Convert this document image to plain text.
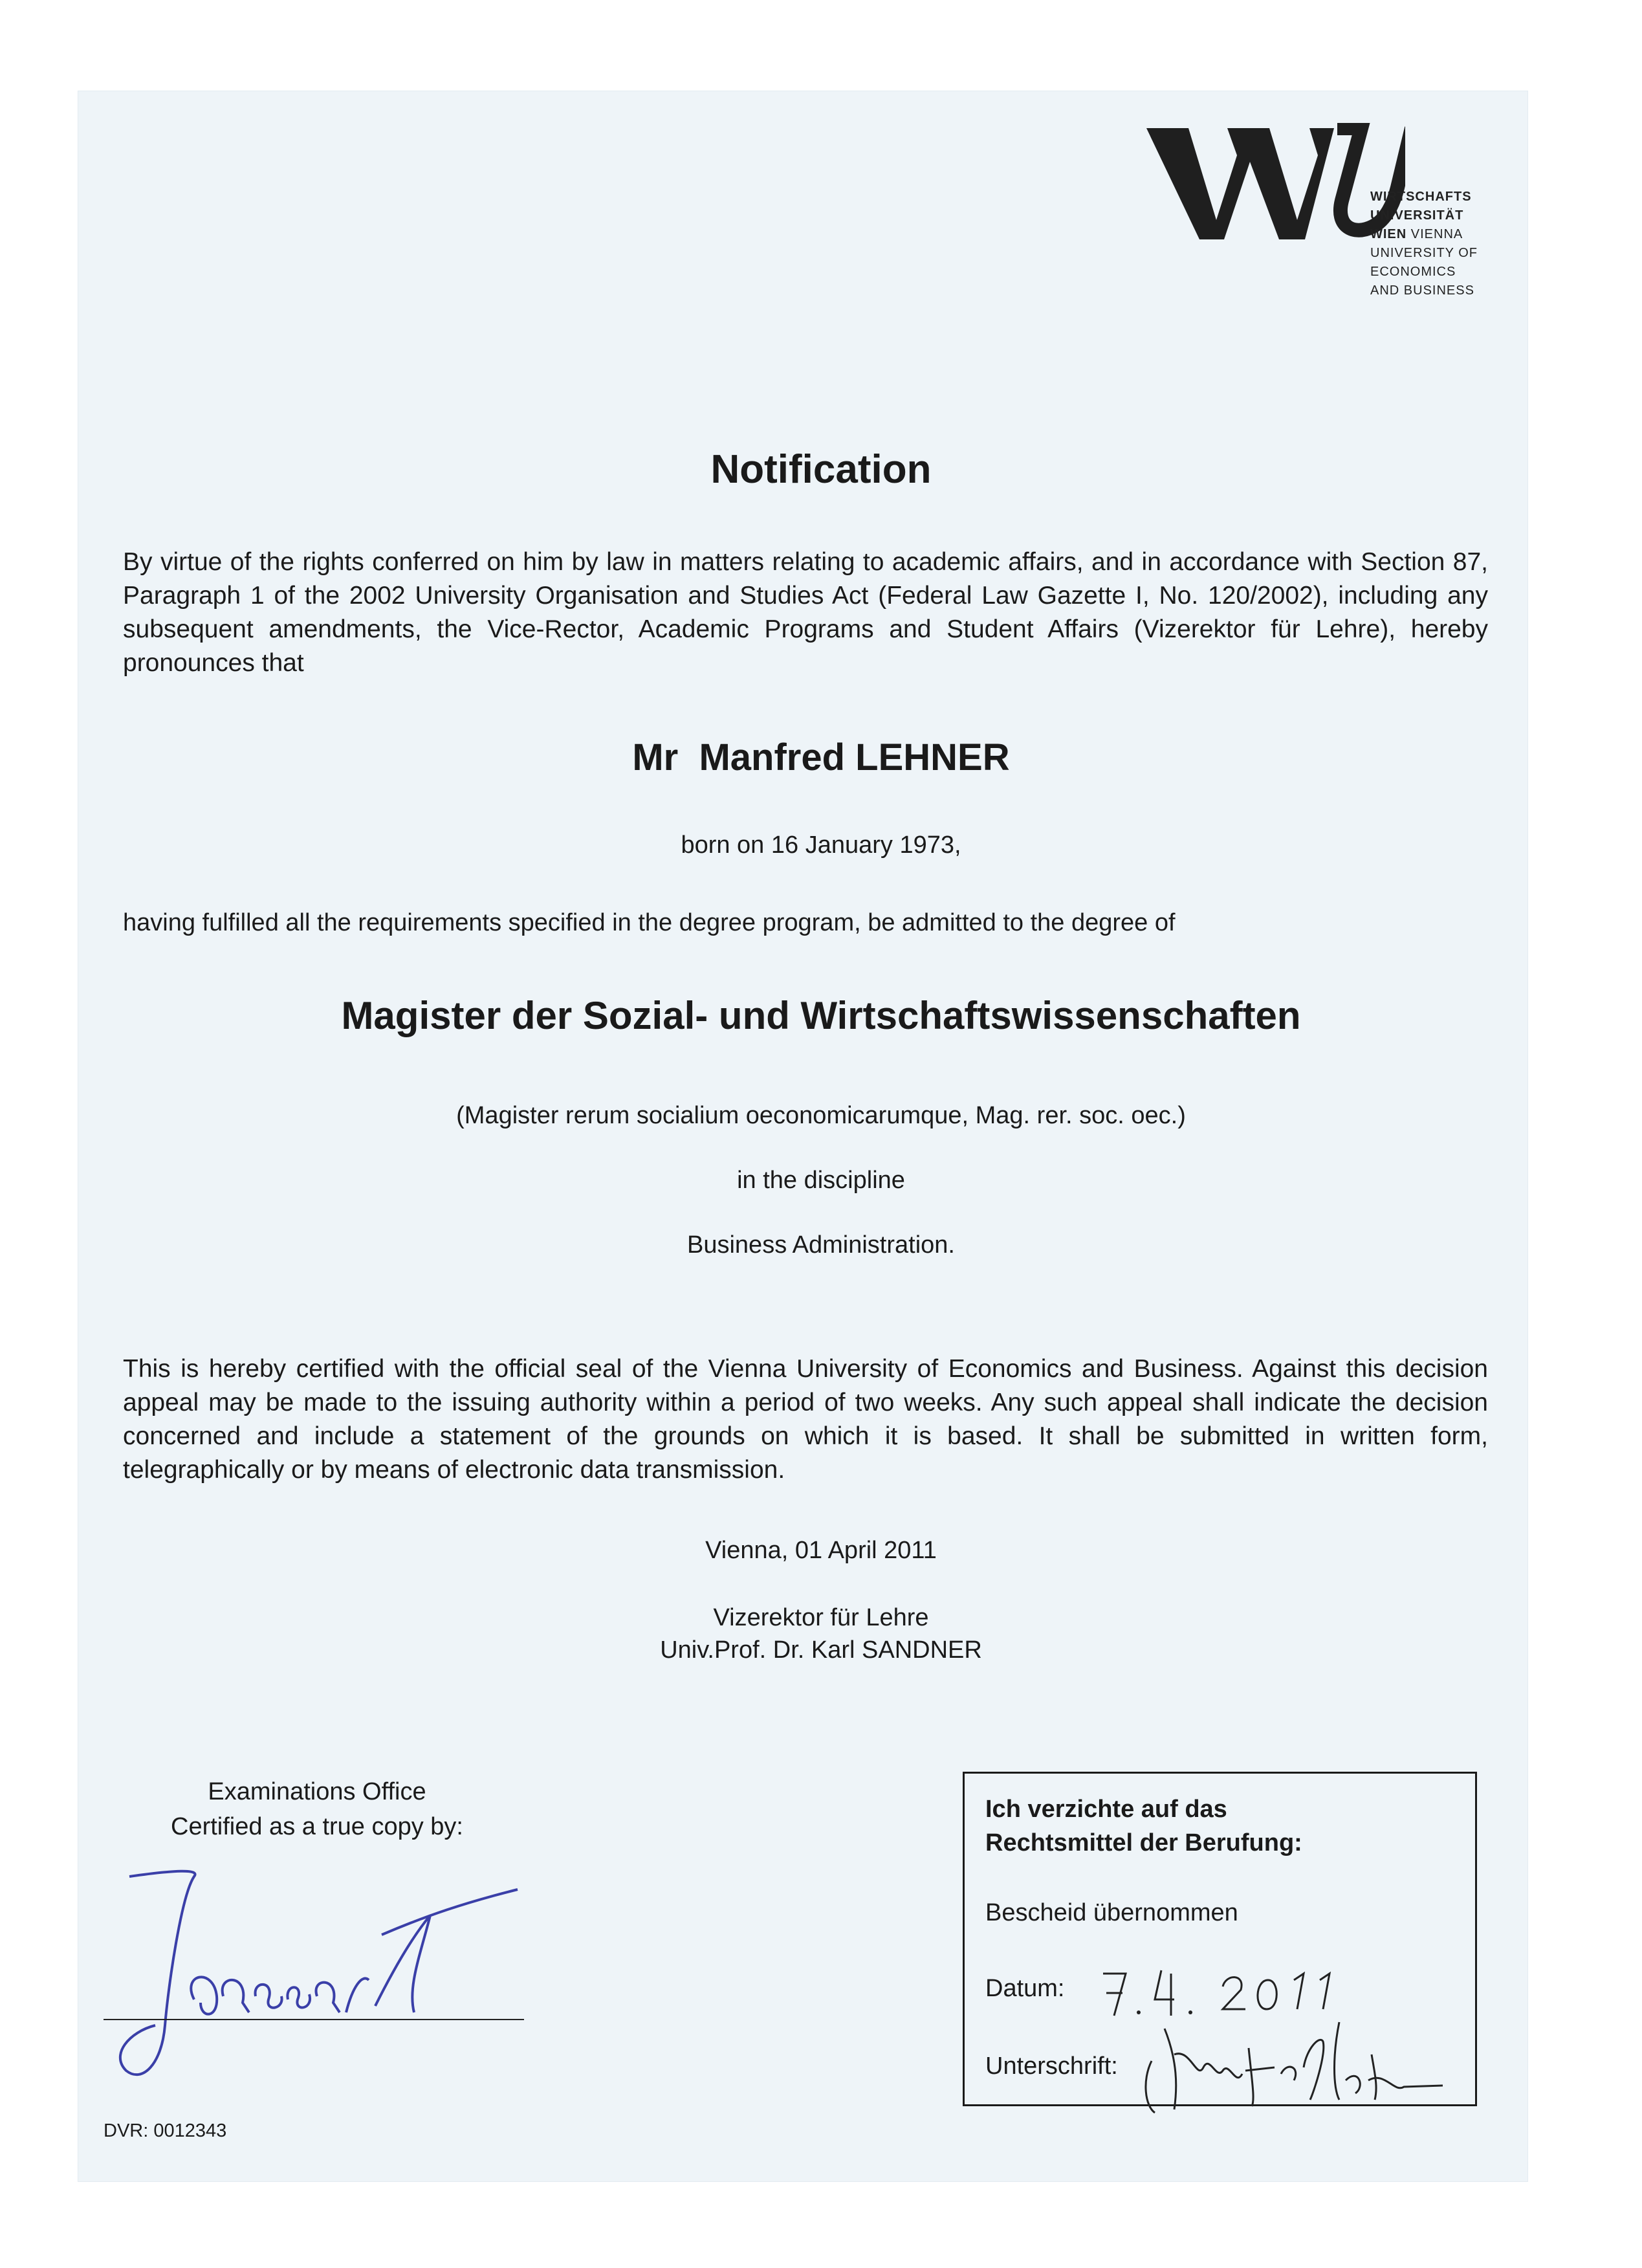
WIRTSCHAFTS
UNIVERSITÄT
WIEN VIENNA
UNIVERSITY OF
ECONOMICS
AND BUSINESS
Notification
By virtue of the rights conferred on him by law in matters relating to academic affairs, and in accordance with Section 87, Paragraph 1 of the 2002 University Organisation and Studies Act (Federal Law Gazette I, No. 120/2002), including any subsequent amendments, the Vice-Rector, Academic Programs and Student Affairs (Vizerektor für Lehre), hereby pronounces that
Mr  Manfred LEHNER
born on 16 January 1973,
having fulfilled all the requirements specified in the degree program, be admitted to the degree of
Magister der Sozial- und Wirtschaftswissenschaften
(Magister rerum socialium oeconomicarumque, Mag. rer. soc. oec.)
in the discipline
Business Administration.
This is hereby certified with the official seal of the Vienna University of Economics and Business. Against this decision appeal may be made to the issuing authority within a period of two weeks. Any such appeal shall indicate the decision concerned and include a statement of the grounds on which it is based. It shall be submitted in written form, telegraphically or by means of electronic data transmission.
Vienna, 01 April 2011
Vizerektor für Lehre
Univ.Prof. Dr. Karl SANDNER
Examinations Office
Certified as a true copy by:
DVR: 0012343
Ich verzichte auf das
Rechtsmittel der Berufung:
Bescheid übernommen
Datum:
Unterschrift:
